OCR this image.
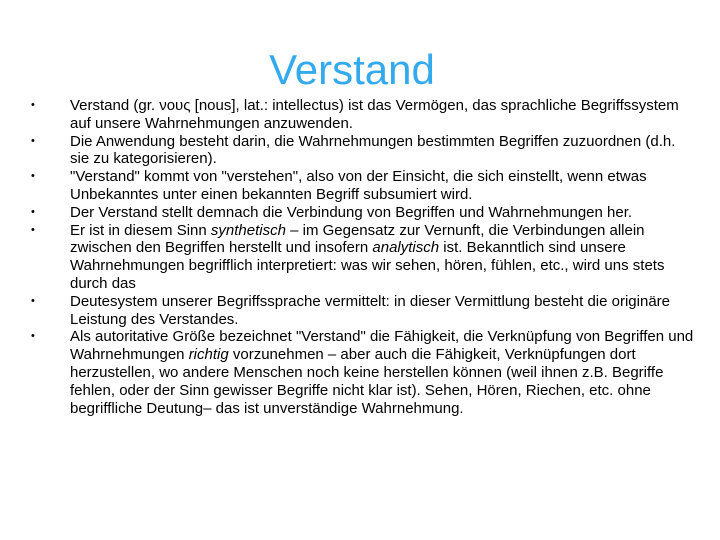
Verstand
• Verstand (gr. νους [nous], lat.: intellectus) ist das Vermögen, das sprachliche Begriffssystem auf unsere Wahrnehmungen anzuwenden.
• Die Anwendung besteht darin, die Wahrnehmungen bestimmten Begriffen zuzuordnen (d.h. sie zu kategorisieren).
• "Verstand" kommt von "verstehen", also von der Einsicht, die sich einstellt, wenn etwas Unbekanntes unter einen bekannten Begriff subsumiert wird.
• Der Verstand stellt demnach die Verbindung von Begriffen und Wahrnehmungen her.
• Er ist in diesem Sinn synthetisch – im Gegensatz zur Vernunft, die Verbindungen allein zwischen den Begriffen herstellt und insofern analytisch ist. Bekanntlich sind unsere Wahrnehmungen begrifflich interpretiert: was wir sehen, hören, fühlen, etc., wird uns stets durch das
• Deutesystem unserer Begriffssprache vermittelt: in dieser Vermittlung besteht die originäre Leistung des Verstandes.
• Als autoritative Größe bezeichnet "Verstand" die Fähigkeit, die Verknüpfung von Begriffen und Wahrnehmungen richtig vorzunehmen – aber auch die Fähigkeit, Verknüpfungen dort herzustellen, wo andere Menschen noch keine herstellen können (weil ihnen z.B. Begriffe fehlen, oder der Sinn gewisser Begriffe nicht klar ist). Sehen, Hören, Riechen, etc. ohne begriffliche Deutung– das ist unverständige Wahrnehmung.
